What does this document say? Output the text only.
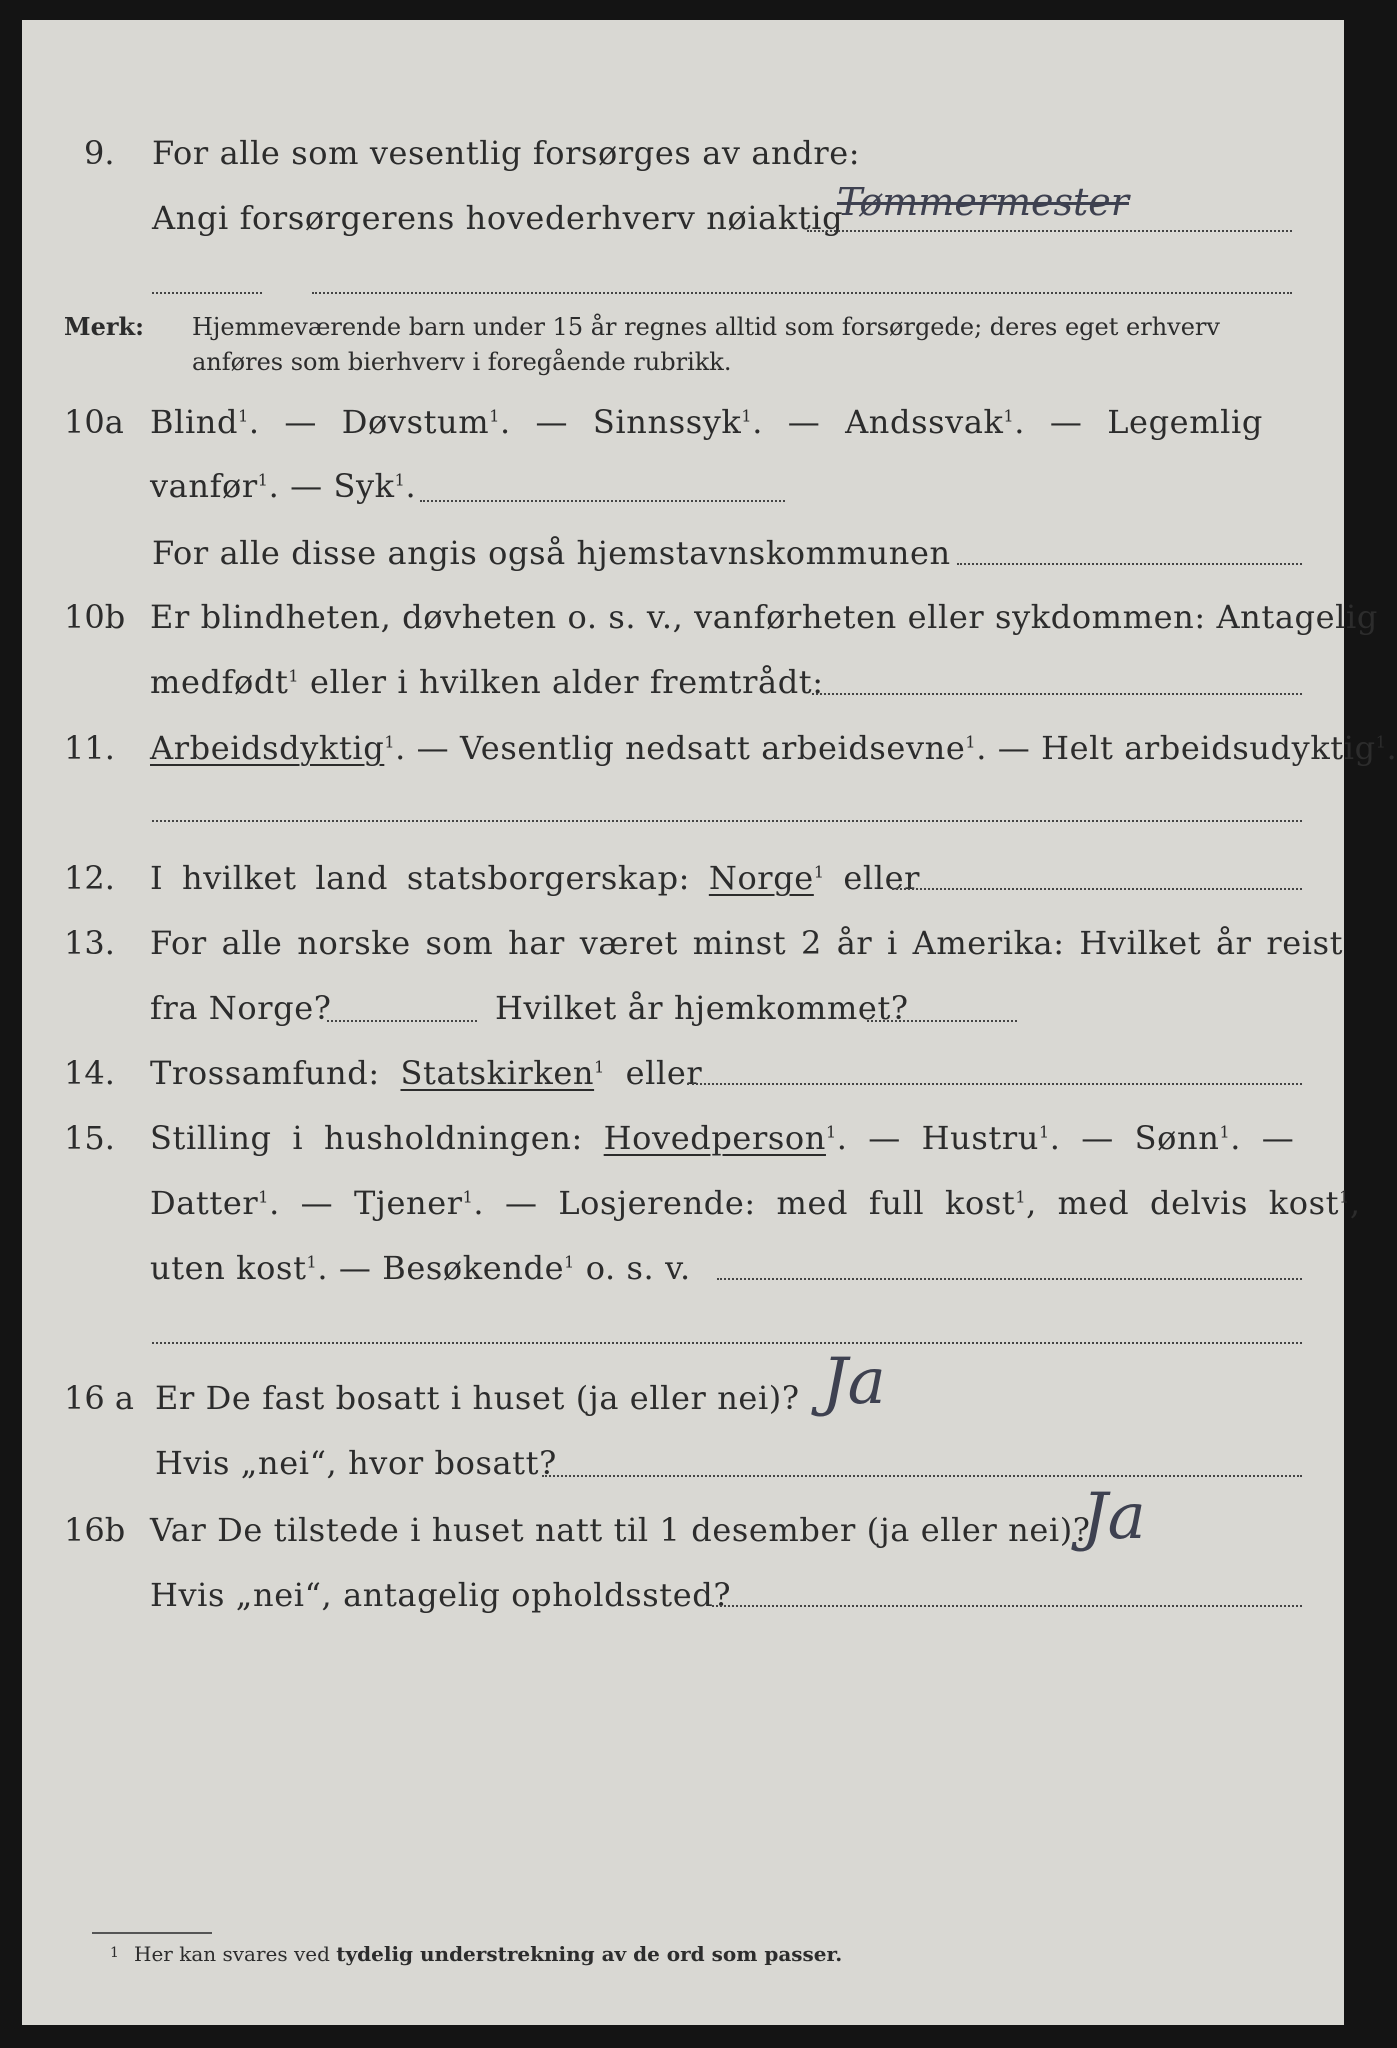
9. For alle som vesentlig forsørges av andre:
Angi forsørgerens hovederhverv nøiaktig
Tømmermester
Merk: Hjemmeværende barn under 15 år regnes alltid som forsørgede; deres eget erhverv
anføres som bierhverv i foregående rubrikk.
10a Blind$^1$. — Døvstum$^1$. — Sinnssyk$^1$. — Andssvak$^1$. — Legemlig
vanfør$^1$. — Syk$^1$.
For alle disse angis også hjemstavnskommunen
10b Er blindheten, døvheten o. s. v., vanførheten eller sykdommen: Antagelig
medfødt$^1$ eller i hvilken alder fremtrådt:
11. Arbeidsdyktig$^1$. — Vesentlig nedsatt arbeidsevne$^1$. — Helt arbeidsudyktig$^1$.
12. I hvilket land statsborgerskap: Norge$^1$ eller
13. For alle norske som har været minst 2 år i Amerika: Hvilket år reist
fra Norge?	Hvilket år hjemkommet?
14. Trossamfund: Statskirken$^1$ eller
15. Stilling i husholdningen: Hovedperson$^1$. — Hustru$^1$. — Sønn$^1$. —
Datter$^1$. — Tjener$^1$. — Losjerende: med full kost$^1$, med delvis kost$^1$,
uten kost$^1$. — Besøkende$^1$ o. s. v.
16 a Er De fast bosatt i huset (ja eller nei)? Ja
Hvis „nei“, hvor bosatt?
16b Var De tilstede i huset natt til 1 desember (ja eller nei)?
Ja
Hvis „nei“, antagelig opholdssted?
1 Her kan svares ved tydelig understrekning av de ord som passer.
